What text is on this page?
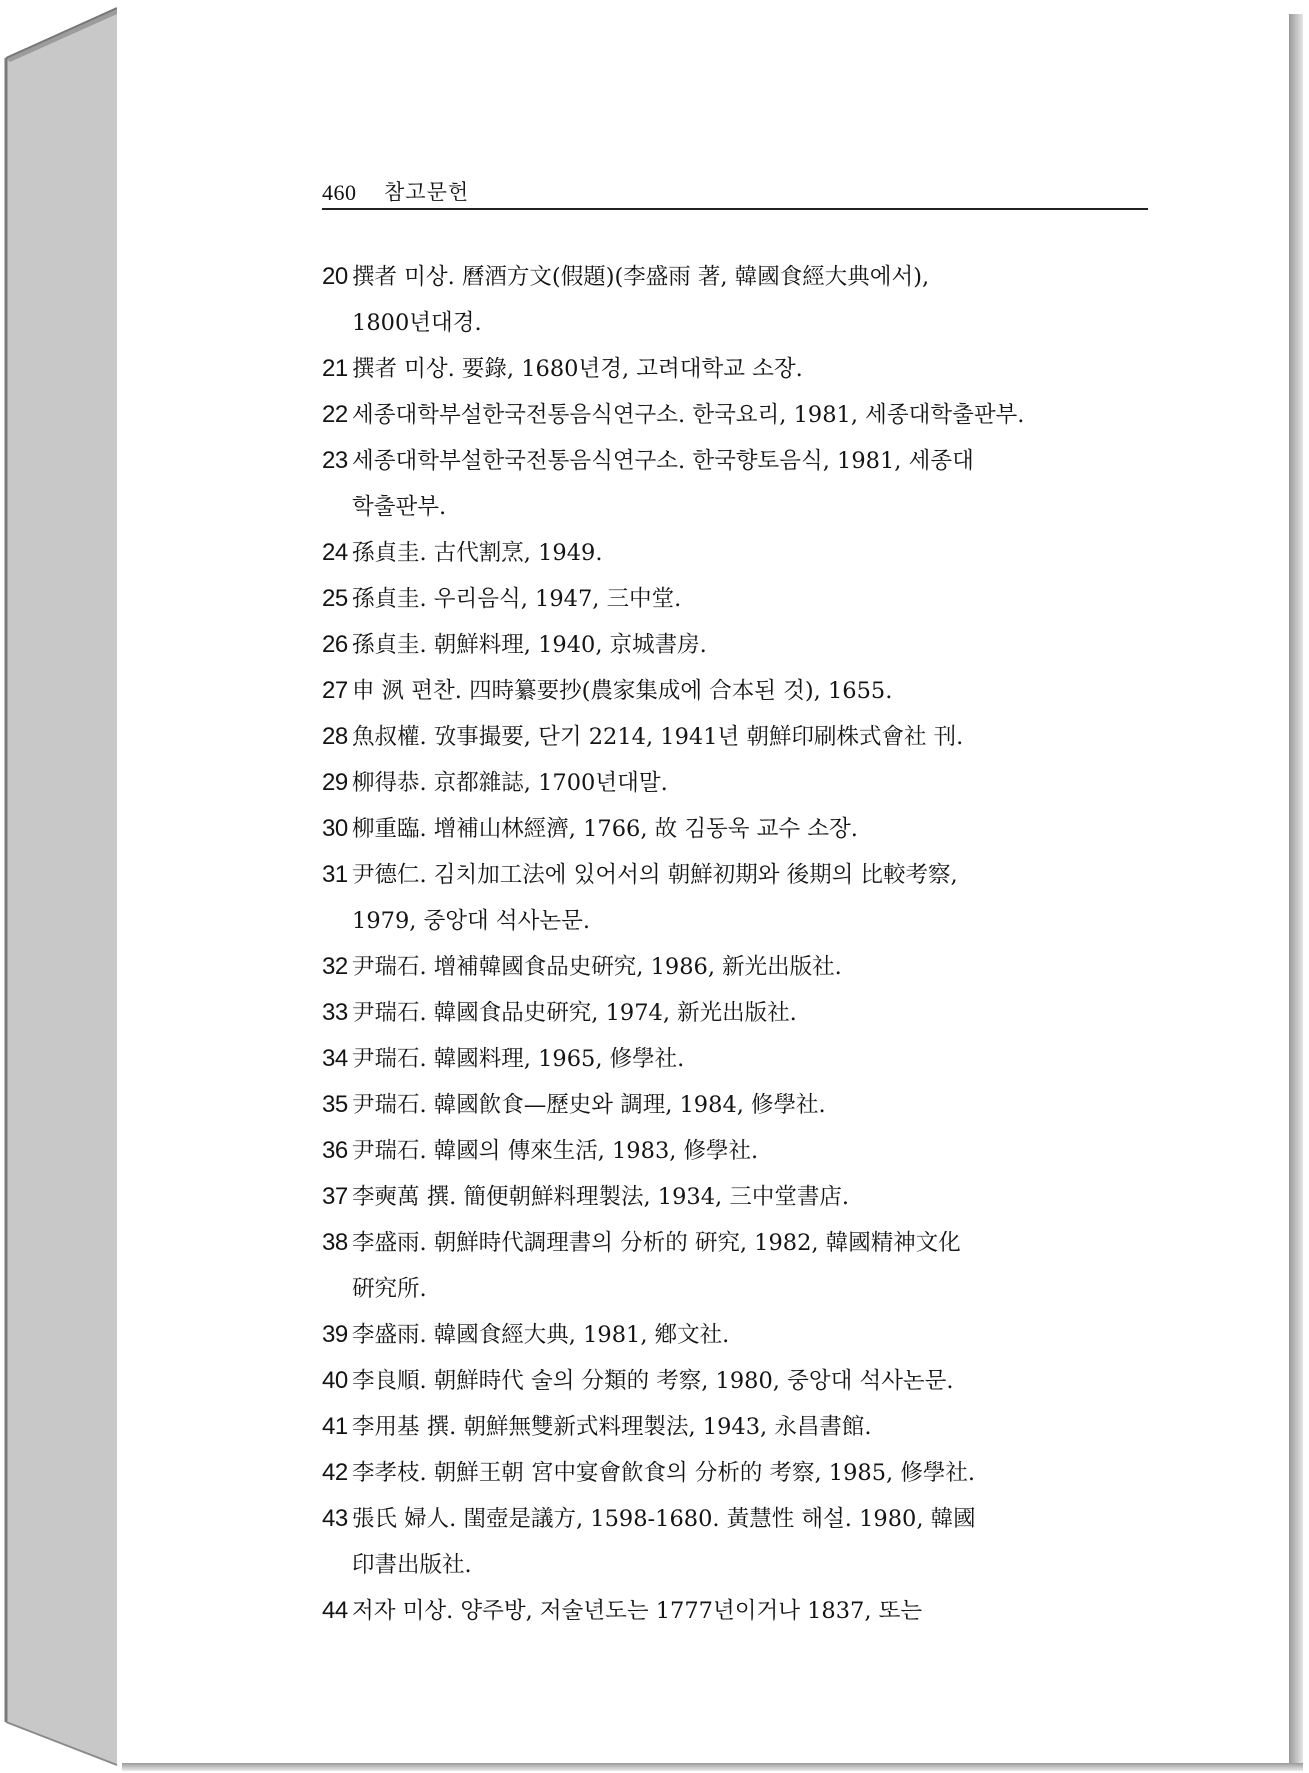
460 참고문헌
20 撰者 미상. 曆酒方文(假題)(李盛雨 著, 韓國食經大典에서),
1800년대경.
21 撰者 미상. 要錄, 1680년경, 고려대학교 소장.
22 세종대학부설한국전통음식연구소. 한국요리, 1981, 세종대학출판부.
23 세종대학부설한국전통음식연구소. 한국향토음식, 1981, 세종대
학출판부.
24 孫貞圭. 古代割烹, 1949.
25 孫貞圭. 우리음식, 1947, 三中堂.
26 孫貞圭. 朝鮮料理, 1940, 京城書房.
27 申 洬 편찬. 四時纂要抄(農家集成에 合本된 것), 1655.
28 魚叔權. 攷事撮要, 단기 2214, 1941년 朝鮮印刷株式會社 刊.
29 柳得恭. 京都雜誌, 1700년대말.
30 柳重臨. 增補山林經濟, 1766, 故 김동욱 교수 소장.
31 尹德仁. 김치加工法에 있어서의 朝鮮初期와 後期의 比較考察,
1979, 중앙대 석사논문.
32 尹瑞石. 增補韓國食品史硏究, 1986, 新光出版社.
33 尹瑞石. 韓國食品史硏究, 1974, 新光出版社.
34 尹瑞石. 韓國料理, 1965, 修學社.
35 尹瑞石. 韓國飮食—歷史와 調理, 1984, 修學社.
36 尹瑞石. 韓國의 傳來生活, 1983, 修學社.
37 李奭萬 撰. 簡便朝鮮料理製法, 1934, 三中堂書店.
38 李盛雨. 朝鮮時代調理書의 分析的 硏究, 1982, 韓國精神文化
硏究所.
39 李盛雨. 韓國食經大典, 1981, 鄕文社.
40 李良順. 朝鮮時代 술의 分類的 考察, 1980, 중앙대 석사논문.
41 李用基 撰. 朝鮮無雙新式料理製法, 1943, 永昌書館.
42 李孝枝. 朝鮮王朝 宮中宴會飮食의 分析的 考察, 1985, 修學社.
43 張氏 婦人. 閨壺是議方, 1598-1680. 黃慧性 해설. 1980, 韓國
印書出版社.
44 저자 미상. 양주방, 저술년도는 1777년이거나 1837, 또는
